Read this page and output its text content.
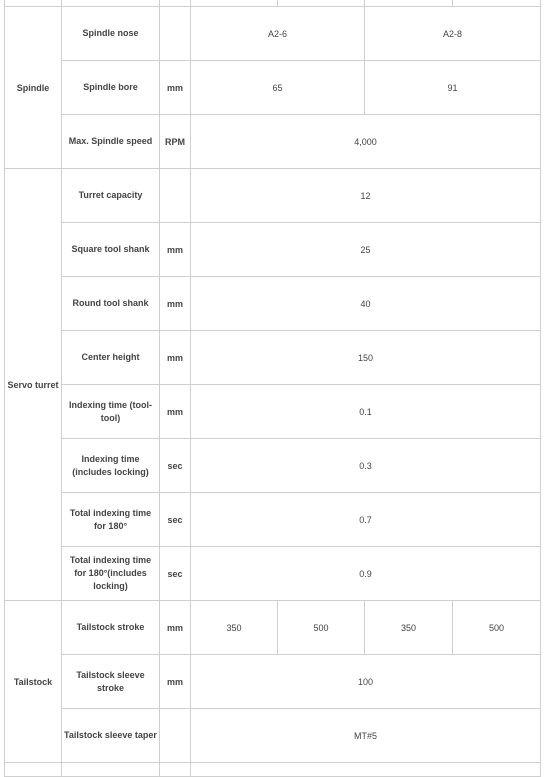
Spindle	Spindle nose		A2-6		A2-8	
	Spindle bore	mm	65		91	
	Max. Spindle speed	RPM	4,000			
Servo turret	Turret capacity		12			
	Square tool shank	mm	25			
	Round tool shank	mm	40			
	Center height	mm	150			
	Indexing time (tool-tool)	mm	0.1			
	Indexing time (includes locking)	sec	0.3			
	Total indexing time for 180°	sec	0.7			
	Total indexing time for 180°(includes locking)	sec	0.9			
Tailstock	Tailstock stroke	mm	350	500	350	500
	Tailstock sleeve stroke	mm	100			
	Tailstock sleeve taper		MT#5			
